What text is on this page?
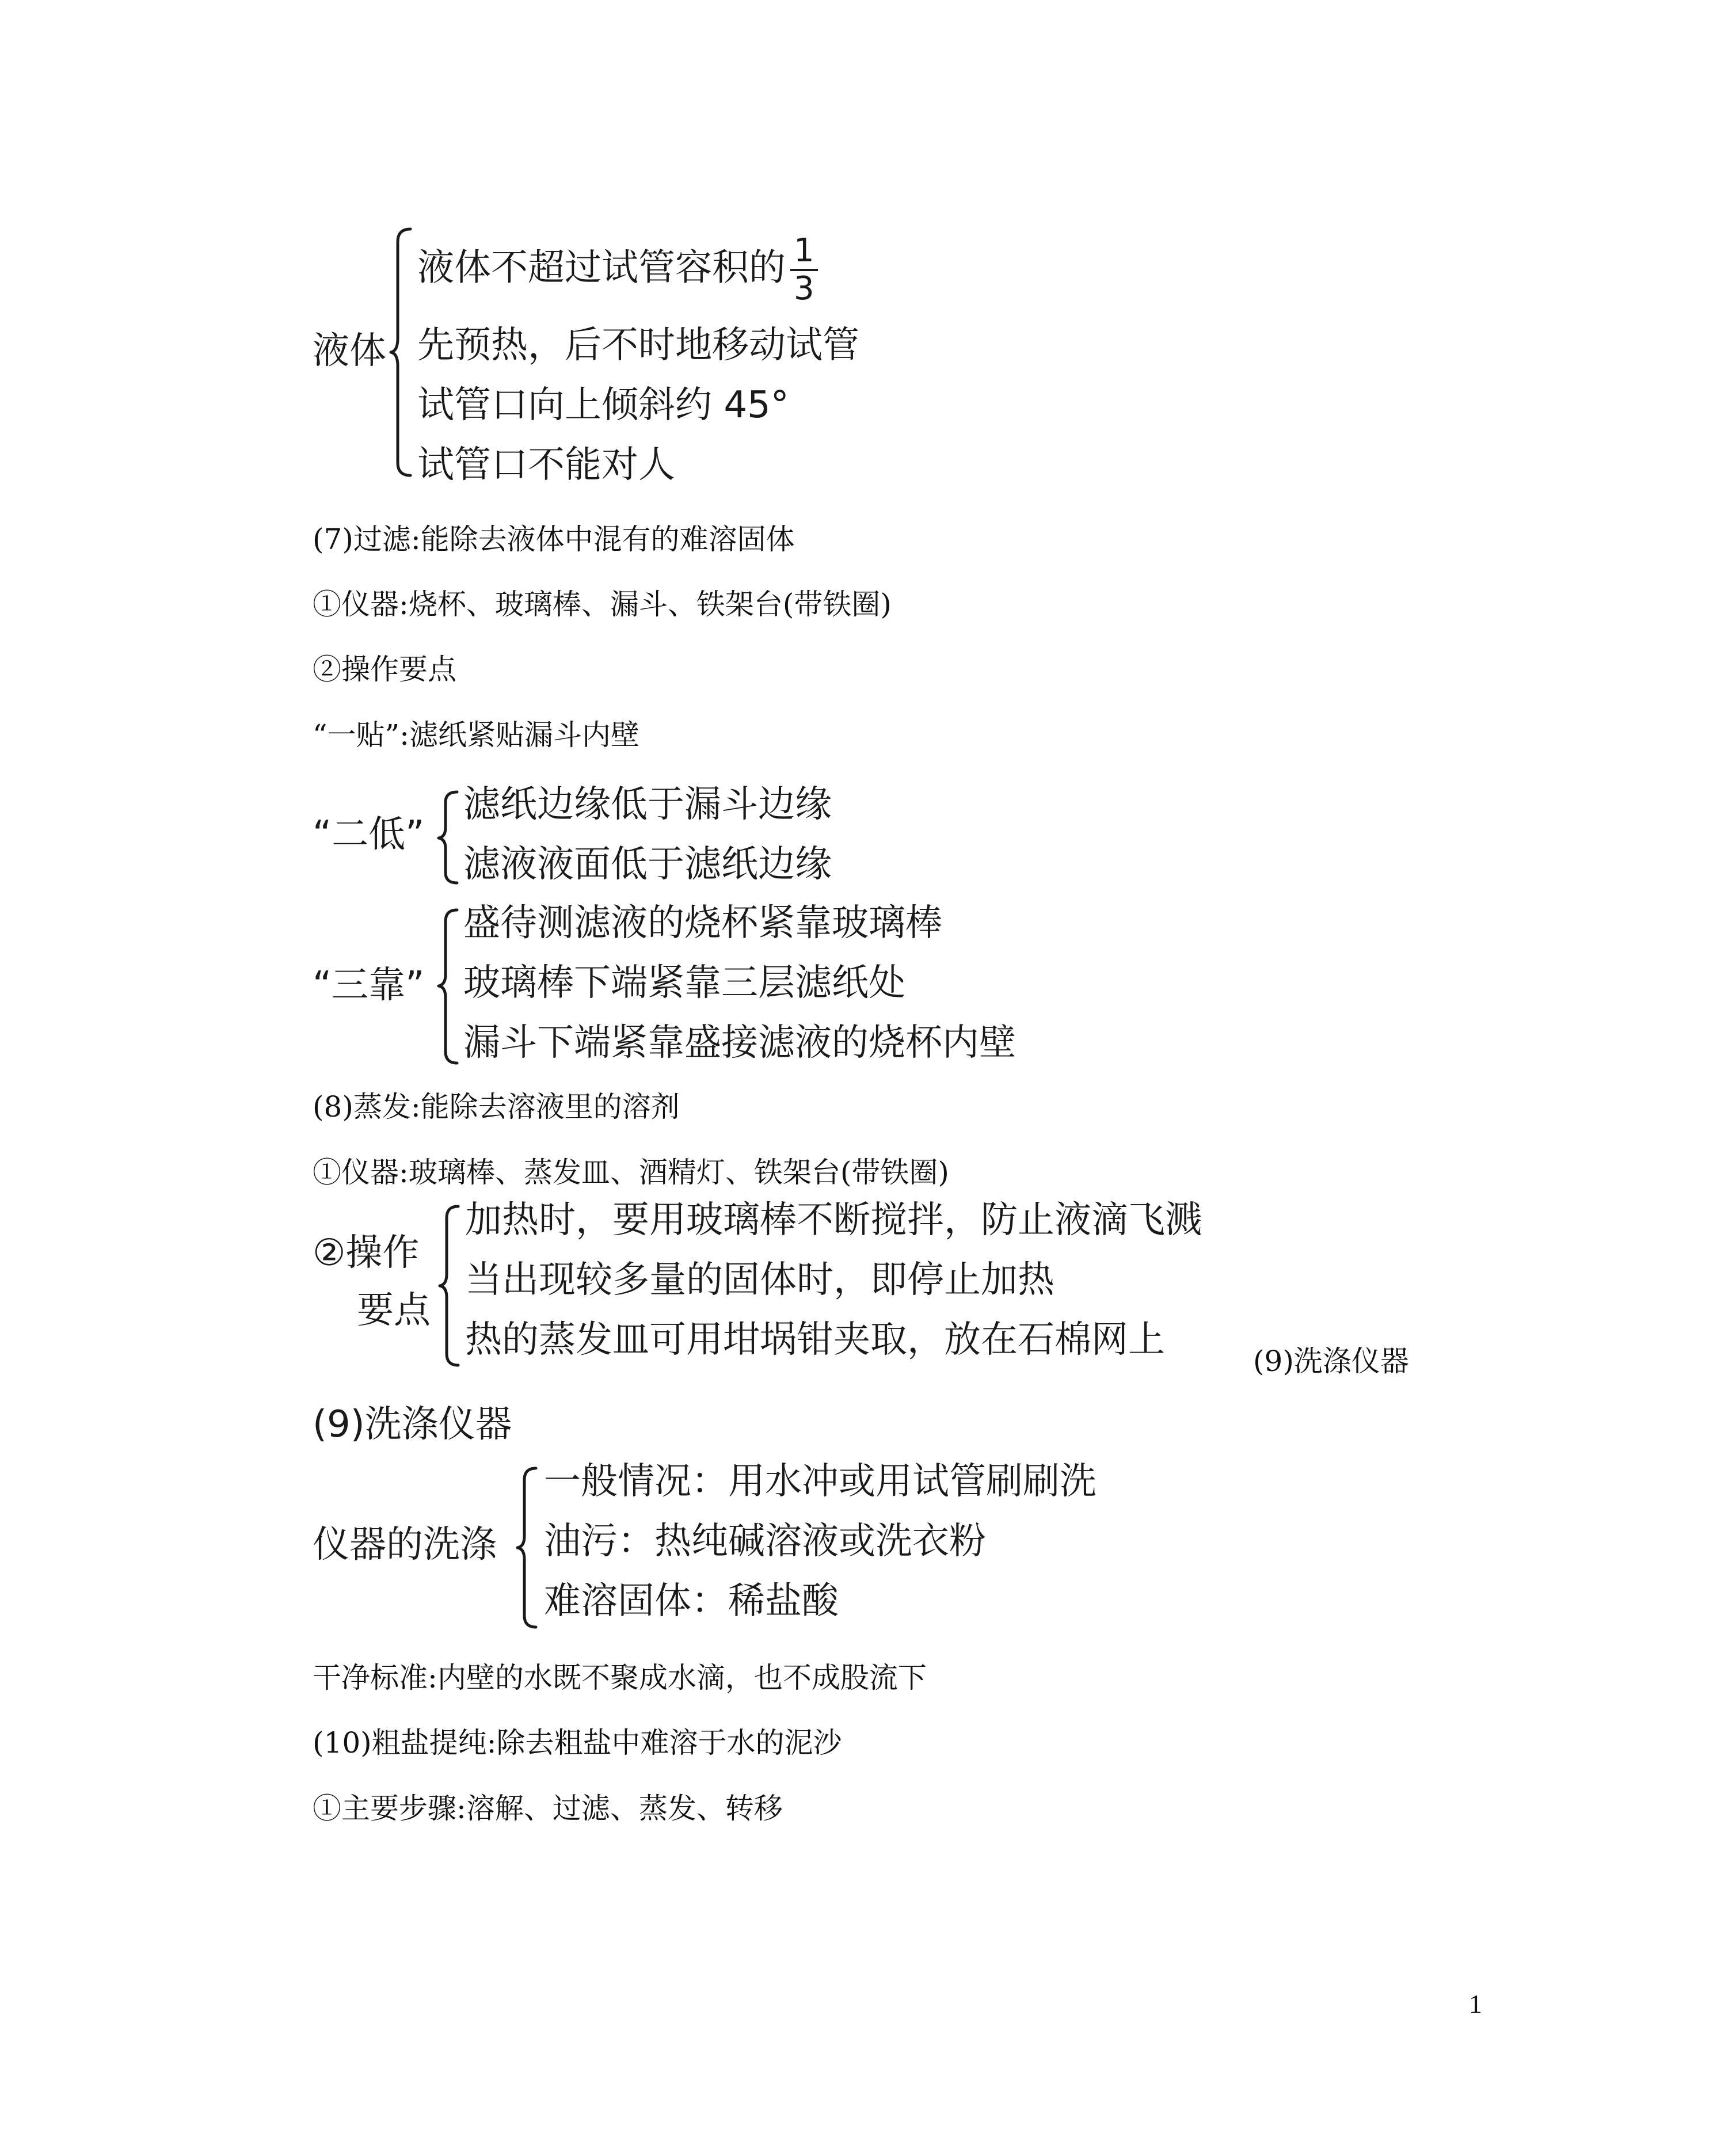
液体
液体不超过试管容积的 $\frac{1}{3}$
先预热，后不时地移动试管
试管口向上倾斜约 45°
试管口不能对人
(7)过滤:能除去液体中混有的难溶固体
①仪器:烧杯、玻璃棒、漏斗、铁架台(带铁圈)
②操作要点
“一贴”:滤纸紧贴漏斗内壁
“二低”
滤纸边缘低于漏斗边缘
滤液液面低于滤纸边缘
“三靠”
盛待测滤液的烧杯紧靠玻璃棒
玻璃棒下端紧靠三层滤纸处
漏斗下端紧靠盛接滤液的烧杯内壁
(8)蒸发:能除去溶液里的溶剂
①仪器:玻璃棒、蒸发皿、酒精灯、铁架台(带铁圈)
②操作
要点
加热时，要用玻璃棒不断搅拌，防止液滴飞溅
当出现较多量的固体时，即停止加热
热的蒸发皿可用坩埚钳夹取，放在石棉网上	(9)洗涤仪器
(9)洗涤仪器
仪器的洗涤
一般情况：用水冲或用试管刷刷洗
油污：热纯碱溶液或洗衣粉
难溶固体：稀盐酸
干净标准:内壁的水既不聚成水滴，也不成股流下
(10)粗盐提纯:除去粗盐中难溶于水的泥沙
①主要步骤:溶解、过滤、蒸发、转移
1
